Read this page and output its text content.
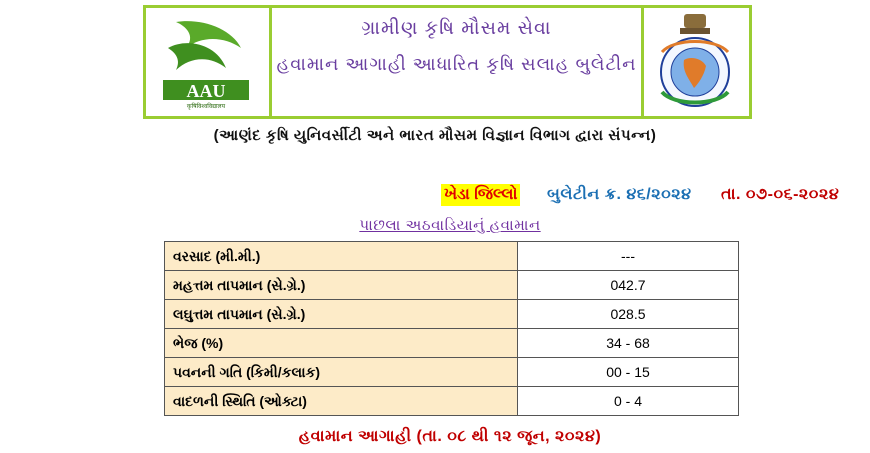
AAU
कृषिविश्वविद्यालय
ગ્રામીણ કૃષિ મૌસમ સેવા
હવામાન આગાહી આધારિત કૃષિ સલાહ બુલેટીન
(આણંદ કૃષિ યુનિવર્સીટી અને ભારત મૌસમ વિજ્ઞાન વિભાગ દ્વારા સંપન્ન)
ખેડા જિલ્લો બુલેટીન ક્ર. ૪૬/૨૦૨૪ તા. ૦૭-૦૬-૨૦૨૪
પાછલા અઠવાડિયાનું હવામાન
વરસાદ (મી.મી.)	---
મહત્તમ તાપમાન (સે.ગ્રે.)	042.7
લઘુત્તમ તાપમાન (સે.ગ્રે.)	028.5
ભેજ (%)	34 - 68
પવનની ગતિ (કિમી/કલાક)	00 - 15
વાદળની સ્થિતિ (ઓક્ટા)	0 - 4
હવામાન આગાહી (તા. ૦૮ થી ૧૨ જૂન, ૨૦૨૪)
